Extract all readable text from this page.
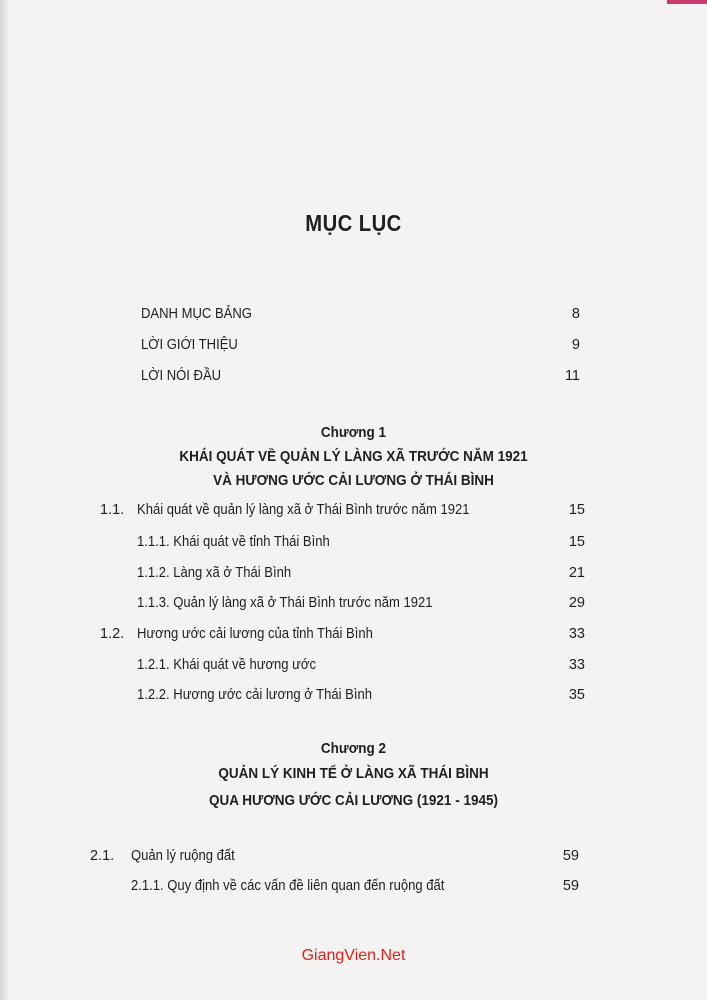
MỤC LỤC
DANH MỤC BẢNG	8
LỜI GIỚI THIỆU	9
LỜI NÓI ĐẦU	11
Chương 1
KHÁI QUÁT VỀ QUẢN LÝ LÀNG XÃ TRƯỚC NĂM 1921
VÀ HƯƠNG ƯỚC CẢI LƯƠNG Ở THÁI BÌNH
1.1. Khái quát về quản lý làng xã ở Thái Bình trước năm 1921	15
1.1.1. Khái quát về tỉnh Thái Bình	15
1.1.2. Làng xã ở Thái Bình	21
1.1.3. Quản lý làng xã ở Thái Bình trước năm 1921	29
1.2. Hương ước cải lương của tỉnh Thái Bình	33
1.2.1. Khái quát về hương ước	33
1.2.2. Hương ước cải lương ở Thái Bình	35
Chương 2
QUẢN LÝ KINH TẾ Ở LÀNG XÃ THÁI BÌNH
QUA HƯƠNG ƯỚC CẢI LƯƠNG (1921 - 1945)
2.1. Quản lý ruộng đất	59
2.1.1. Quy định về các vấn đề liên quan đến ruộng đất	59
GiangVien.Net
